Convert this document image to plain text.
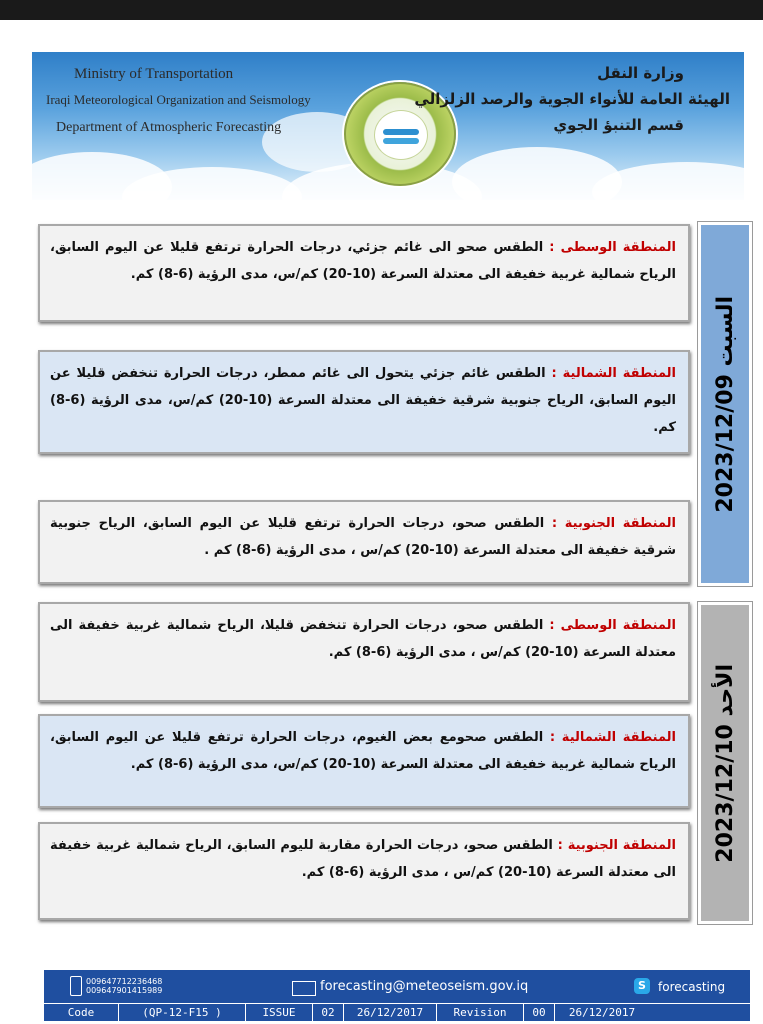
Ministry of Transportation
Iraqi Meteorological Organization and Seismology
Department of Atmospheric Forecasting
وزارة النقل
الهيئة العامة للأنواء الجوية والرصد الزلزالي
قسم التنبؤ الجوي
السبت 2023/12/09
المنطقة الوسطى : الطقس صحو الى غائم جزئي، درجات الحرارة ترتفع قليلا عن اليوم السابق، الرياح شمالية غربية خفيفة الى معتدلة السرعة (10-20) كم/س، مدى الرؤية (6-8) كم.
المنطقة الشمالية : الطقس غائم جزئي يتحول الى غائم ممطر، درجات الحرارة تنخفض قليلا عن اليوم السابق، الرياح جنوبية شرقية خفيفة الى معتدلة السرعة (10-20) كم/س، مدى الرؤية (6-8) كم.
المنطقة الجنوبية : الطقس صحو، درجات الحرارة ترتفع قليلا عن اليوم السابق، الرياح جنوبية شرقية خفيفة الى معتدلة السرعة (10-20) كم/س ، مدى الرؤية (6-8) كم .
الأحد 2023/12/10
المنطقة الوسطى : الطقس صحو، درجات الحرارة تنخفض قليلا، الرياح شمالية غربية خفيفة الى معتدلة السرعة (10-20) كم/س ، مدى الرؤية (6-8) كم.
المنطقة الشمالية : الطقس صحومع بعض الغيوم، درجات الحرارة ترتفع قليلا عن اليوم السابق، الرياح شمالية غربية خفيفة الى معتدلة السرعة (10-20) كم/س، مدى الرؤية (6-8) كم.
المنطقة الجنوبية : الطقس صحو، درجات الحرارة مقاربة لليوم السابق، الرياح شمالية غربية خفيفة الى معتدلة السرعة (10-20) كم/س ، مدى الرؤية (6-8) كم.
009647712236468
009647901415989	forecasting@meteoseism.gov.iq	S	forecasting
Code	(QP-12-F15 )	ISSUE	02	26/12/2017	Revision	00	26/12/2017
